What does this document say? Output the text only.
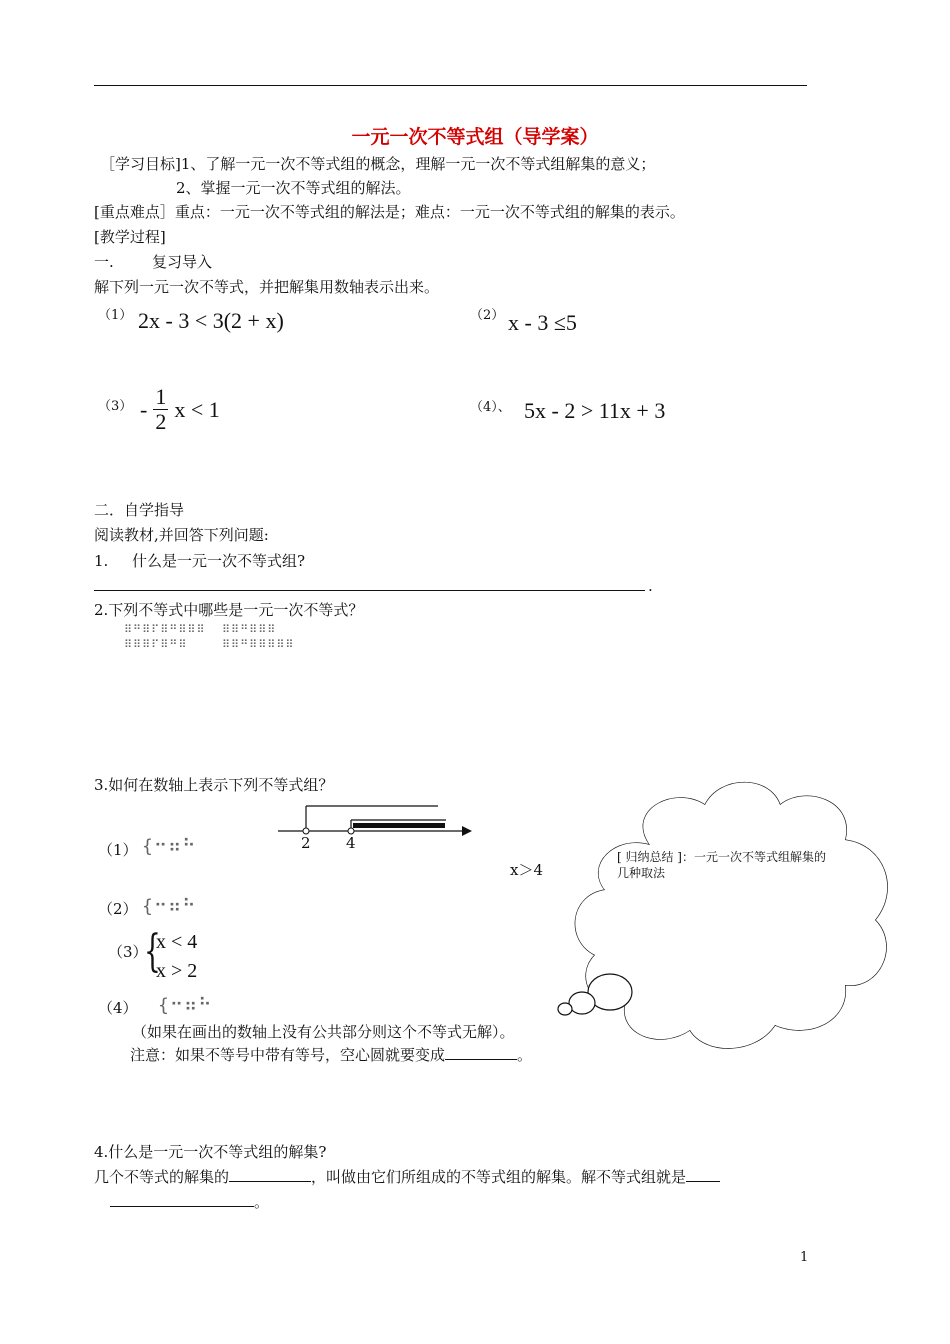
一元一次不等式组（导学案）
［学习目标]1、了解一元一次不等式组的概念，理解一元一次不等式组解集的意义；
2、掌握一元一次不等式组的解法。
[重点难点］重点：一元一次不等式组的解法是；难点：一元一次不等式组的解集的表示。
[教学过程]
一.	复习导入
解下列一元一次不等式，并把解集用数轴表示出来。
（1） 2x - 3 < 3(2 + x)	（2） x - 3 ≤5
$(3) - \frac{1}{2}$ x < 1	（4）、 5x - 2 > 11x + 3
二．自学指导
阅读教材,并回答下列问题:
1. 什么是一元一次不等式组?
.
2.下列不等式中哪些是一元一次不等式？
⠿⠛⠿⠏⠿⠛⠿⠿⠿ ⠿⠿⠛⠿⠿⠿
⠿⠿⠿⠏⠿⠛⠿	⠿⠿⠛⠿⠿⠿⠿⠿
3.如何在数轴上表示下列不等式组？
2 4
（1） {⠒⠶⠓
x＞4
（2） {⠒⠶⠓
（3）
{
x < 4
x > 2
（4） {⠒⠶⠓
（如果在画出的数轴上没有公共部分则这个不等式无解）。
注意：如果不等号中带有等号，空心圆就要变成	。
[ 归纳总结 ]：一元一次不等式组解集的几种取法
4.什么是一元一次不等式组的解集?
几个不等式的解集的	，叫做由它们所组成的不等式组的解集。解不等式组就是
。
1
